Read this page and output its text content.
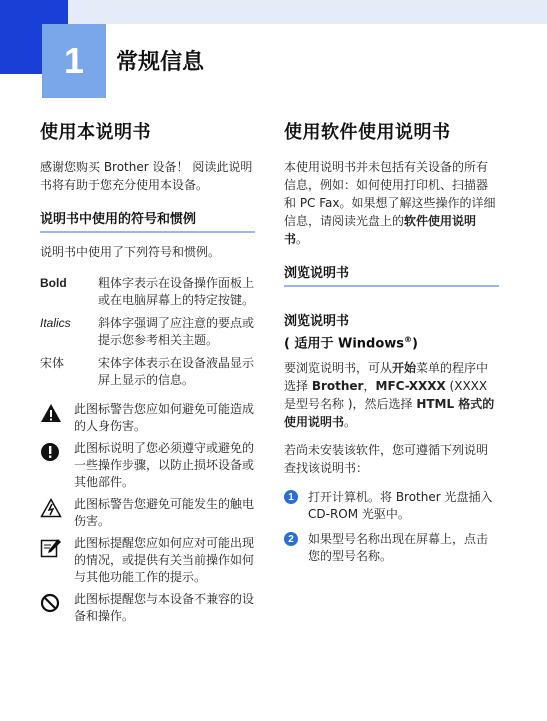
1	常规信息
使用本说明书
感谢您购买 Brother 设备！ 阅读此说明书将有助于您充分使用本设备。
说明书中使用的符号和惯例
说明书中使用了下列符号和惯例。
Bold	粗体字表示在设备操作面板上或在电脑屏幕上的特定按键。
Italics	斜体字强调了应注意的要点或提示您参考相关主题。
宋体	宋体字体表示在设备液晶显示屏上显示的信息。
此图标警告您应如何避免可能造成的人身伤害。
此图标说明了您必须遵守或避免的一些操作步骤，以防止损坏设备或其他部件。
此图标警告您避免可能发生的触电伤害。
此图标提醒您应如何应对可能出现的情况，或提供有关当前操作如何与其他功能工作的提示。
此图标提醒您与本设备不兼容的设备和操作。
使用软件使用说明书
本使用说明书并未包括有关设备的所有信息，例如：如何使用打印机、扫描器和 PC Fax。如果想了解这些操作的详细信息，请阅读光盘上的软件使用说明书。
浏览说明书
浏览说明书
( 适用于 Windows®)
要浏览说明书，可从开始菜单的程序中选择 Brother，MFC-XXXX (XXXX 是型号名称 )，然后选择 HTML 格式的使用说明书。
若尚未安装该软件，您可遵循下列说明查找该说明书：
1	打开计算机。将 Brother 光盘插入 CD-ROM 光驱中。
2	如果型号名称出现在屏幕上，点击您的型号名称。
